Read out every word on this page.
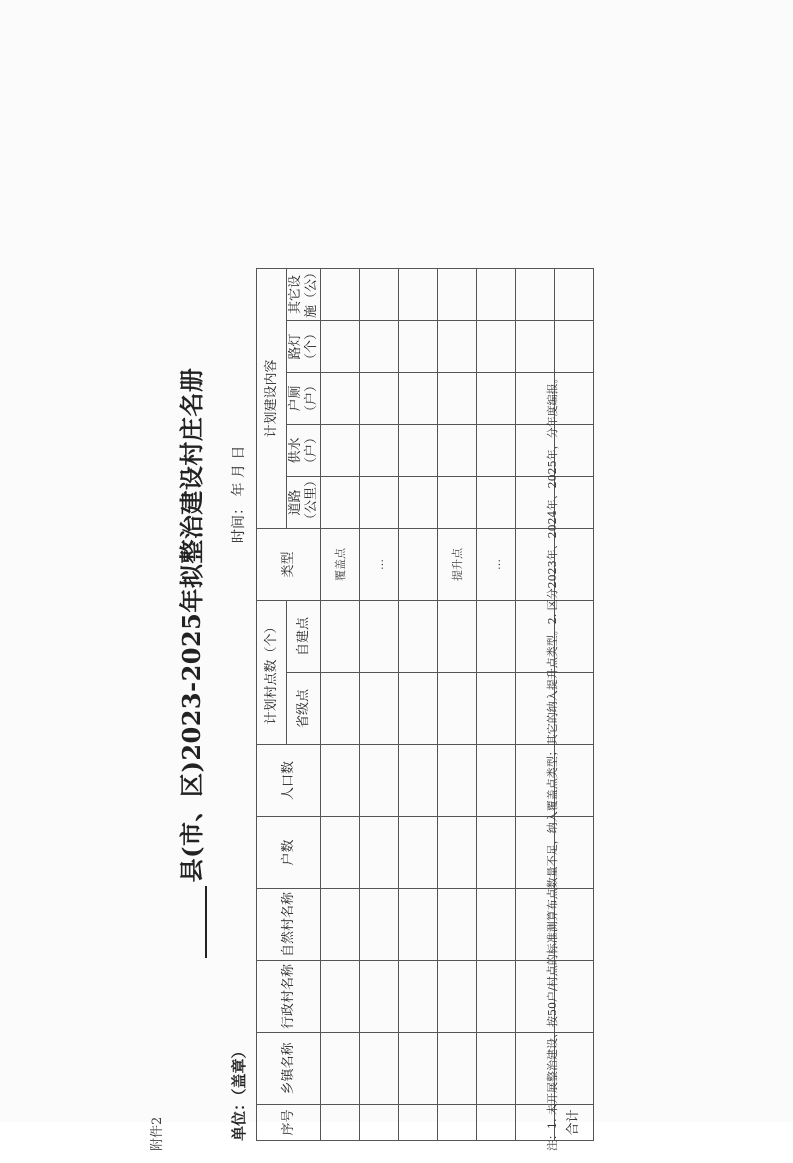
附件2
县(市、区)2023-2025年拟整治建设村庄名册
单位：（盖章）
时间： 年 月 日
序号	乡镇名称	行政村名称	自然村名称	户数	人口数	计划村点数（个）		类型	计划建设内容				
						省级点	自建点		道路（公里）	供水（户）	户厕（户）	路灯（个）	其它设施（公）
								覆盖点					
								…					

								提升点					
								…					

合计													
注：1. 未开展整治建设、按50户/村点的标准测算布点数量不足，纳入覆盖点类型；其它的纳入提升点类型。2. 区分2023年、2024年、2025年，分年度编报。
